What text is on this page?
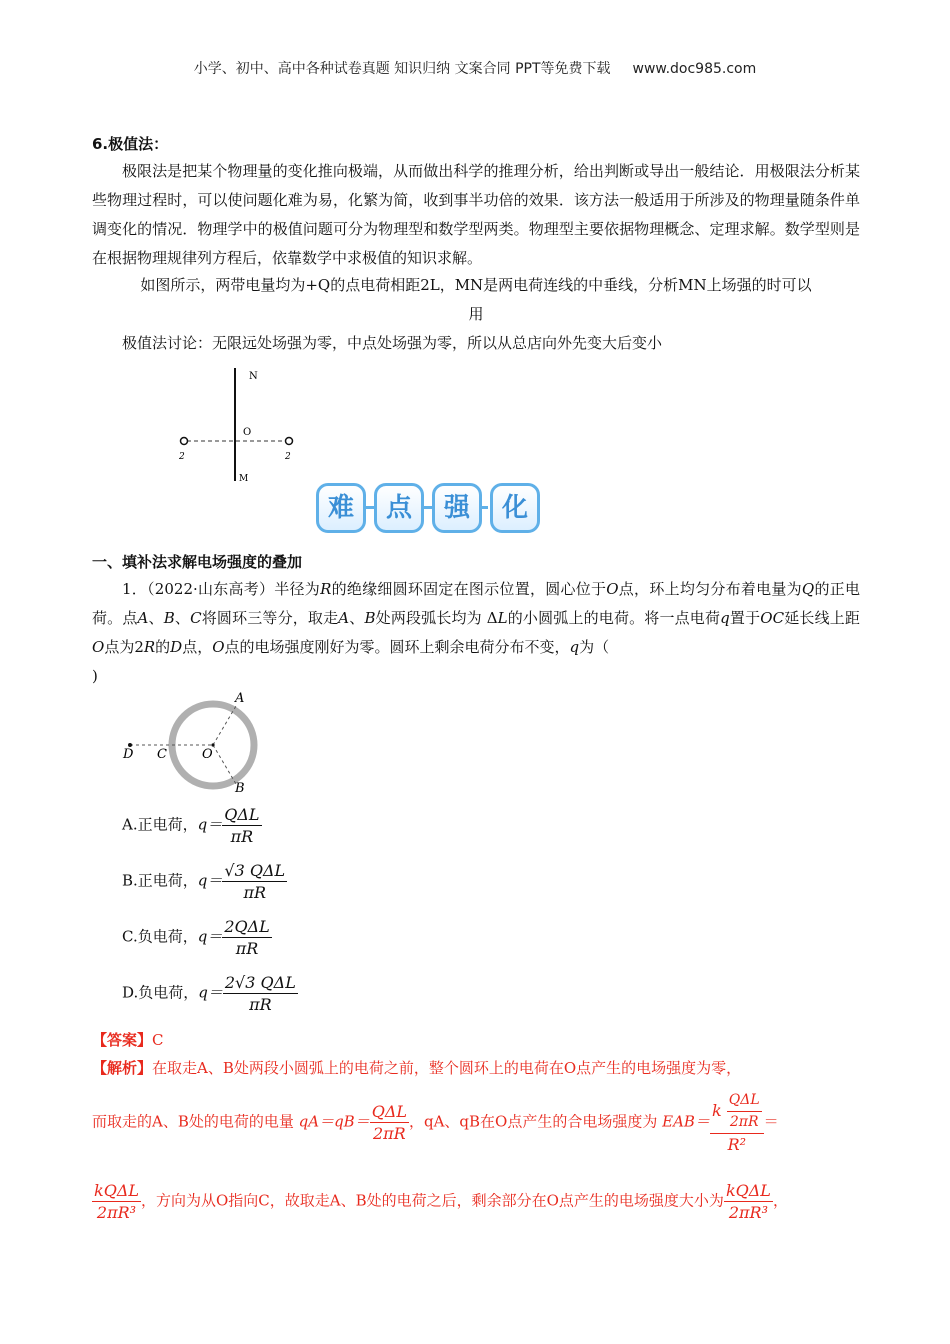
小学、初中、高中各种试卷真题 知识归纳 文案合同 PPT等免费下载 www.doc985.com
6.极值法：
极限法是把某个物理量的变化推向极端，从而做出科学的推理分析，给出判断或导出一般结论．用极限法分析某些物理过程时，可以使问题化难为易，化繁为简，收到事半功倍的效果．该方法一般适用于所涉及的物理量随条件单调变化的情况．物理学中的极值问题可分为物理型和数学型两类。物理型主要依据物理概念、定理求解。数学型则是在根据物理规律列方程后，依靠数学中求极值的知识求解。
如图所示，两带电量均为+Q的点电荷相距2L，MN是两电荷连线的中垂线，分析MN上场强的时可以
用
极值法讨论：无限远处场强为零，中点处场强为零，所以从总店向外先变大后变小
N
O
M
2	2
难	点	强	化
一、填补法求解电场强度的叠加
1．（2022·山东高考）半径为R的绝缘细圆环固定在图示位置，圆心位于O点，环上均匀分布着电量为Q的正电荷。点A、B、C将圆环三等分，取走A、B处两段弧长均为 ΔL的小圆弧上的电荷。将一点电荷q置于OC延长线上距O点为2R的D点，O点的电场强度刚好为零。圆环上剩余电荷分布不变，q为（
)
A
B
C
D	O
A.正电荷，$q= \frac{\text{QΔL}}{\pi R}$
B.正电荷，$q= \frac{\text{√3 QΔL}}{\pi R}$
C.负电荷，$q= \frac{\text{2QΔL}}{\pi R}$
D.负电荷，$q= \frac{\text{2√3 QΔL}}{\pi R}$
【答案】C
【解析】在取走A、B处两段小圆弧上的电荷之前，整个圆环上的电荷在O点产生的电场强度为零，
而取走的A、B处的电荷的电量 $qA=qB= \frac{\text{QΔL}}{2\pi R}$ ，qA、qB在O点产生的合电场强度为 $EAB= \frac{k \frac{\text{QΔL}}{2\pi R}}{\text{R²}}$ ＝
$\frac{\text{kQΔL}}{\text{2πR³}}$ ，方向为从O指向C，故取走A、B处的电荷之后，剩余部分在O点产生的电场强度大小为 $\frac{\text{kQΔL}}{\text{2πR³}}$ ，
